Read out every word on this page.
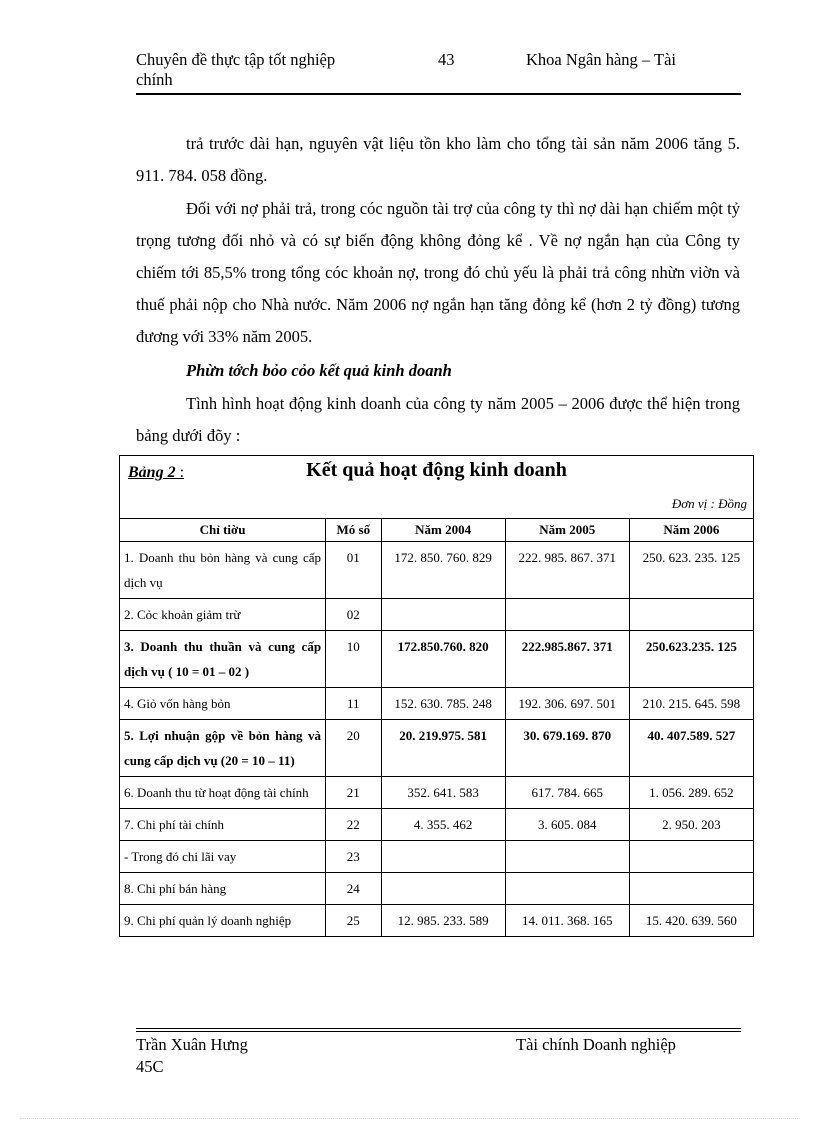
Chuyên đề thực tập tốt nghiệp
chính
43	Khoa Ngân hàng – Tài

trả trước dài hạn, nguyên vật liệu tồn kho làm cho tổng tài sản năm 2006 tăng 5. 911. 784. 058 đồng.

Đối với nợ phải trả, trong cóc nguồn tài trợ của công ty thì nợ dài hạn chiếm một tỷ trọng tương đối nhỏ và có sự biến động không đỏng kể . Về nợ ngắn hạn của Công ty chiếm tới 85,5% trong tổng cóc khoản nợ, trong đó chủ yếu là phải trả công nhừn viờn và thuế phải nộp cho Nhà nước. Năm 2006 nợ ngắn hạn tăng đỏng kể (hơn 2 tỷ đồng) tương đương với 33% năm 2005.

Phừn tớch bỏo cỏo kết quả kinh doanh

Tình hình hoạt động kinh doanh của công ty năm 2005 – 2006 được thể hiện trong bảng dưới đõy :

Kết quả hoạt động kinh doanh
Bảng 2 :
Đơn vị : Đồng				

Chỉ tiờu	Mó số	Năm 2004	Năm 2005	Năm 2006
1. Doanh thu bỏn hàng và cung cấp dịch vụ	01	172. 850. 760. 829	222. 985. 867. 371	250. 623. 235. 125
2. Cỏc khoản giảm trừ	02			
3. Doanh thu thuần và cung cấp dịch vụ ( 10 = 01 – 02 )	10	172.850.760. 820	222.985.867. 371	250.623.235. 125
4. Giỏ vốn hàng bỏn	11	152. 630. 785. 248	192. 306. 697. 501	210. 215. 645. 598
5. Lợi nhuận gộp về bỏn hàng và cung cấp dịch vụ (20 = 10 – 11)	20	20. 219.975. 581	30. 679.169. 870	40. 407.589. 527
6. Doanh thu từ hoạt động tài chính	21	352. 641. 583	617. 784. 665	1. 056. 289. 652
7. Chi phí tài chính	22	4. 355. 462	3. 605. 084	2. 950. 203
- Trong đó chi lãi vay	23			
8. Chi phí bán hàng	24			
9. Chi phí quản lý doanh nghiệp	25	12. 985. 233. 589	14. 011. 368. 165	15. 420. 639. 560
Trần Xuân Hưng
45C
Tài chính Doanh nghiệp
